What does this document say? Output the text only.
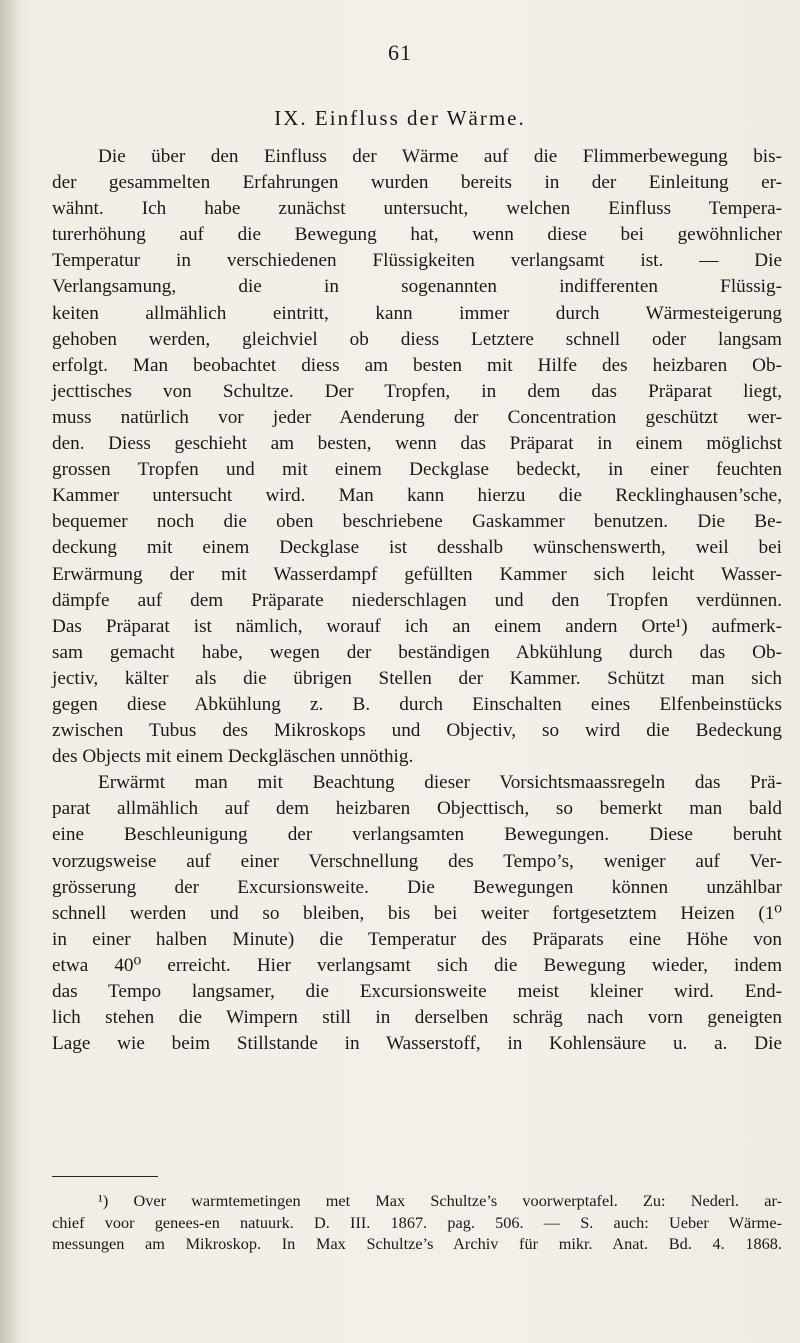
61
IX. Einfluss der Wärme.
Die über den Einfluss der Wärme auf die Flimmerbewegung bis-
der gesammelten Erfahrungen wurden bereits in der Einleitung er-
wähnt. Ich habe zunächst untersucht, welchen Einfluss Tempera-
turerhöhung auf die Bewegung hat, wenn diese bei gewöhnlicher
Temperatur in verschiedenen Flüssigkeiten verlangsamt ist. — Die
Verlangsamung, die in sogenannten indifferenten Flüssig-
keiten allmählich eintritt, kann immer durch Wärmesteigerung
gehoben werden, gleichviel ob diess Letztere schnell oder langsam
erfolgt. Man beobachtet diess am besten mit Hilfe des heizbaren Ob-
jecttisches von Schultze. Der Tropfen, in dem das Präparat liegt,
muss natürlich vor jeder Aenderung der Concentration geschützt wer-
den. Diess geschieht am besten, wenn das Präparat in einem möglichst
grossen Tropfen und mit einem Deckglase bedeckt, in einer feuchten
Kammer untersucht wird. Man kann hierzu die Recklinghausen’sche,
bequemer noch die oben beschriebene Gaskammer benutzen. Die Be-
deckung mit einem Deckglase ist desshalb wünschenswerth, weil bei
Erwärmung der mit Wasserdampf gefüllten Kammer sich leicht Wasser-
dämpfe auf dem Präparate niederschlagen und den Tropfen verdünnen.
Das Präparat ist nämlich, worauf ich an einem andern Orte¹) aufmerk-
sam gemacht habe, wegen der beständigen Abkühlung durch das Ob-
jectiv, kälter als die übrigen Stellen der Kammer. Schützt man sich
gegen diese Abkühlung z. B. durch Einschalten eines Elfenbeinstücks
zwischen Tubus des Mikroskops und Objectiv, so wird die Bedeckung
des Objects mit einem Deckgläschen unnöthig.
Erwärmt man mit Beachtung dieser Vorsichtsmaassregeln das Prä-
parat allmählich auf dem heizbaren Objecttisch, so bemerkt man bald
eine Beschleunigung der verlangsamten Bewegungen. Diese beruht
vorzugsweise auf einer Verschnellung des Tempo’s, weniger auf Ver-
grösserung der Excursionsweite. Die Bewegungen können unzählbar
schnell werden und so bleiben, bis bei weiter fortgesetztem Heizen (1⁰
in einer halben Minute) die Temperatur des Präparats eine Höhe von
etwa 40⁰ erreicht. Hier verlangsamt sich die Bewegung wieder, indem
das Tempo langsamer, die Excursionsweite meist kleiner wird. End-
lich stehen die Wimpern still in derselben schräg nach vorn geneigten
Lage wie beim Stillstande in Wasserstoff, in Kohlensäure u. a. Die
¹) Over warmtemetingen met Max Schultze’s voorwerptafel. Zu: Nederl. ar-
chief voor genees-en natuurk. D. III. 1867. pag. 506. — S. auch: Ueber Wärme-
messungen am Mikroskop. In Max Schultze’s Archiv für mikr. Anat. Bd. 4. 1868.
